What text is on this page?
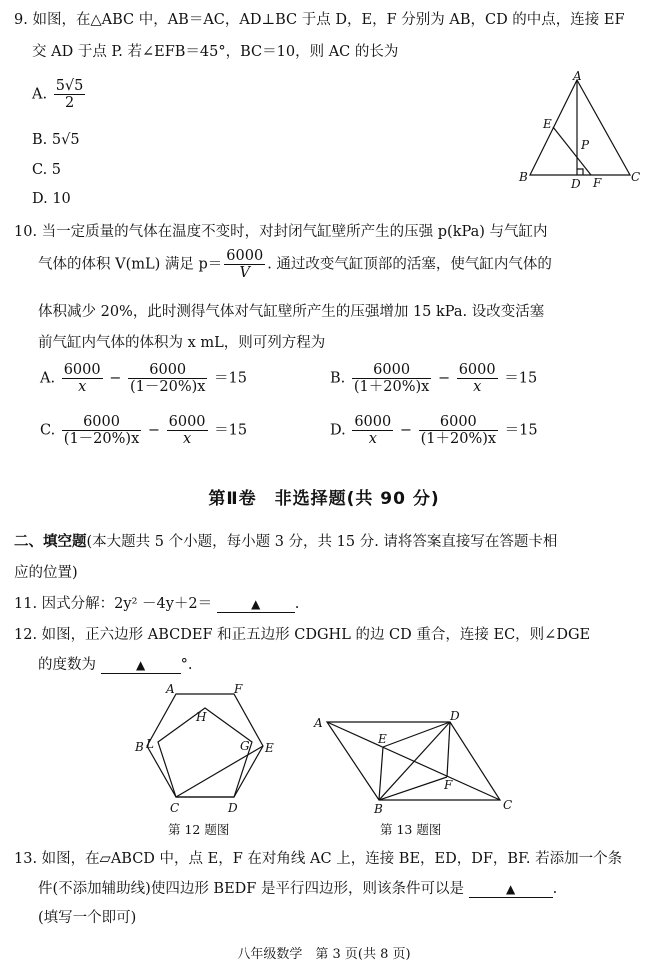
9. 如图，在△ABC 中，AB＝AC，AD⊥BC 于点 D，E，F 分别为 AB，CD 的中点，连接 EF
交 AD 于点 P. 若∠EFB＝45°，BC＝10，则 AC 的长为
A. $\frac{5√5}{2}$
B. 5√5
C. 5
D. 10
A
B	C
D
E
F
P
10. 当一定质量的气体在温度不变时，对封闭气缸壁所产生的压强 p(kPa) 与气缸内
气体的体积 V(mL) 满足 $p= \frac{6000}{V}$ . 通过改变气缸顶部的活塞，使气缸内气体的
体积减少 20%，此时测得气体对气缸壁所产生的压强增加 15 kPa. 设改变活塞
前气缸内气体的体积为 x mL，则可列方程为
A. $\frac{6000}{x} - \frac{6000}{(1-20\%)x} =15$	B. $\frac{6000}{(1+20\%)x} - \frac{6000}{x} =15$
C. $\frac{6000}{(1-20\%)x} - \frac{6000}{x} =15$	D. $\frac{6000}{x} - \frac{6000}{(1+20\%)x} =15$
第Ⅱ卷　非选择题(共 90 分)
二、填空题(本大题共 5 个小题，每小题 3 分，共 15 分. 请将答案直接写在答题卡相
应的位置)
11. 因式分解：2y² －4y＋2＝	▲ .
12. 如图，正六边形 ABCDEF 和正五边形 CDGHL 的边 CD 重合，连接 EC，则∠DGE
的度数为	▲ °.
A	F
H
B L	G E
C	D
第 12 题图
A	D
E
F
B	C
第 13 题图
13. 如图，在▱ABCD 中，点 E，F 在对角线 AC 上，连接 BE，ED，DF，BF. 若添加一个条
件(不添加辅助线)使四边形 BEDF 是平行四边形，则该条件可以是	▲	.
(填写一个即可)
八年级数学　第 3 页(共 8 页)
